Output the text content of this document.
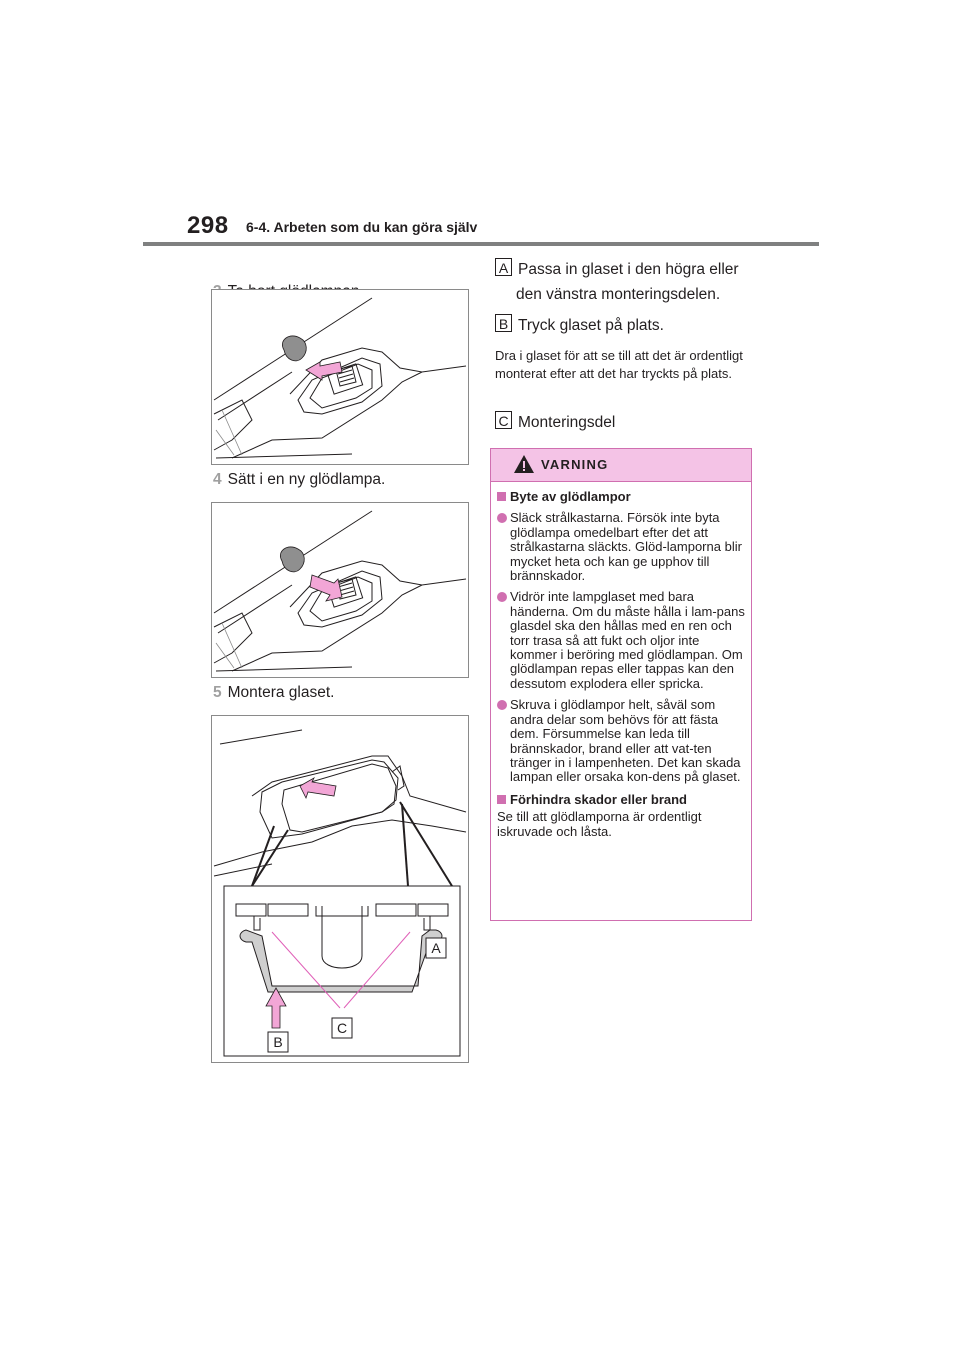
298 6-4. Arbeten som du kan göra själv
4 Sätt i en ny glödlampa.
5 Montera glaset.
A
B
C
A Passa in glaset i den högra eller
den vänstra monteringsdelen.
B Tryck glaset på plats.
Dra i glaset för att se till att det är ordentligt monterat efter att det har tryckts på plats.
C Monteringsdel
VARNING
Byte av glödlampor
Släck strålkastarna. Försök inte byta glödlampa omedelbart efter det att strålkastarna släckts. Glöd-lamporna blir mycket heta och kan ge upphov till brännskador.
Vidrör inte lampglaset med bara händerna. Om du måste hålla i lam-pans glasdel ska den hållas med en ren och torr trasa så att fukt och oljor inte kommer i beröring med glödlampan. Om glödlampan repas eller tappas kan den dessutom explodera eller spricka.
Skruva i glödlampor helt, såväl som andra delar som behövs för att fästa dem. Försummelse kan leda till brännskador, brand eller att vat-ten tränger in i lampenheten. Det kan skada lampan eller orsaka kon-dens på glaset.
Förhindra skador eller brand
Se till att glödlamporna är ordentligt iskruvade och låsta.
